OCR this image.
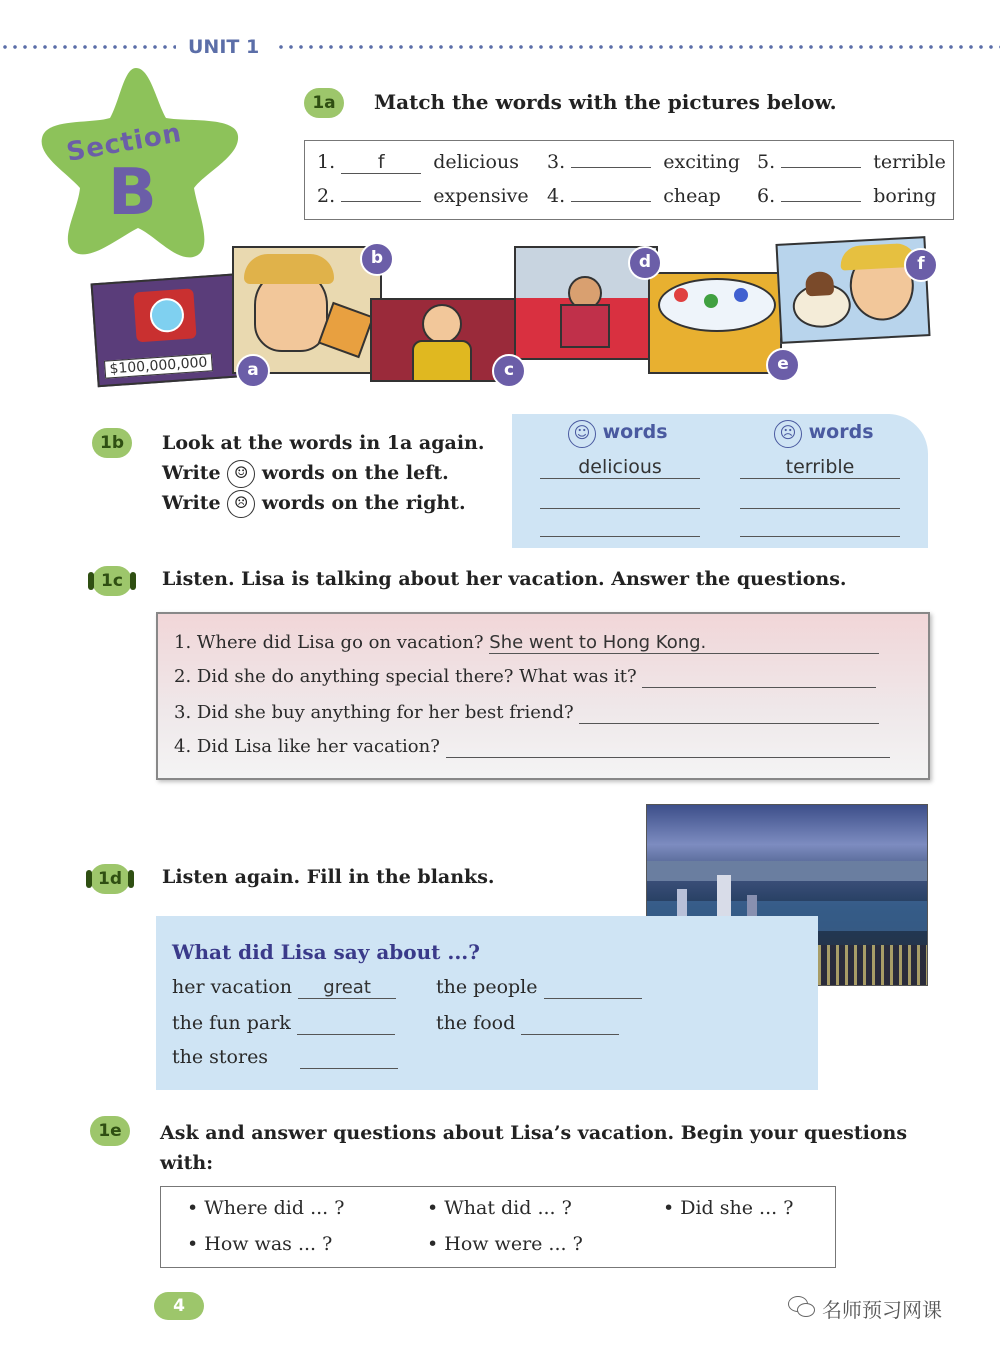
UNIT 1
Section
B
1a	Match the words with the pictures below.
1. f	delicious 3.	exciting 5.	terrible
2.	expensive 4.	cheap 6.	boring
$100,000,000	a
b
c
d
e
f
1b	Look at the words in 1a again.
Write ☺ words on the left.
Write ☹ words on the right.
☺ words	☹ words
delicious	terrible
1c	Listen. Lisa is talking about her vacation. Answer the questions.
1. Where did Lisa go on vacation? She went to Hong Kong.
2. Did she do anything special there? What was it?
3. Did she buy anything for her best friend?
4. Did Lisa like her vacation?
1d	Listen again. Fill in the blanks.
What did Lisa say about ...?
her vacation great	the people
the fun park	the food
the stores
1e	Ask and answer questions about Lisa’s vacation. Begin your questions
with:
• Where did ... ?	• What did ... ?	• Did she ... ?
• How was ... ?	• How were ... ?
4	名师预习网课
